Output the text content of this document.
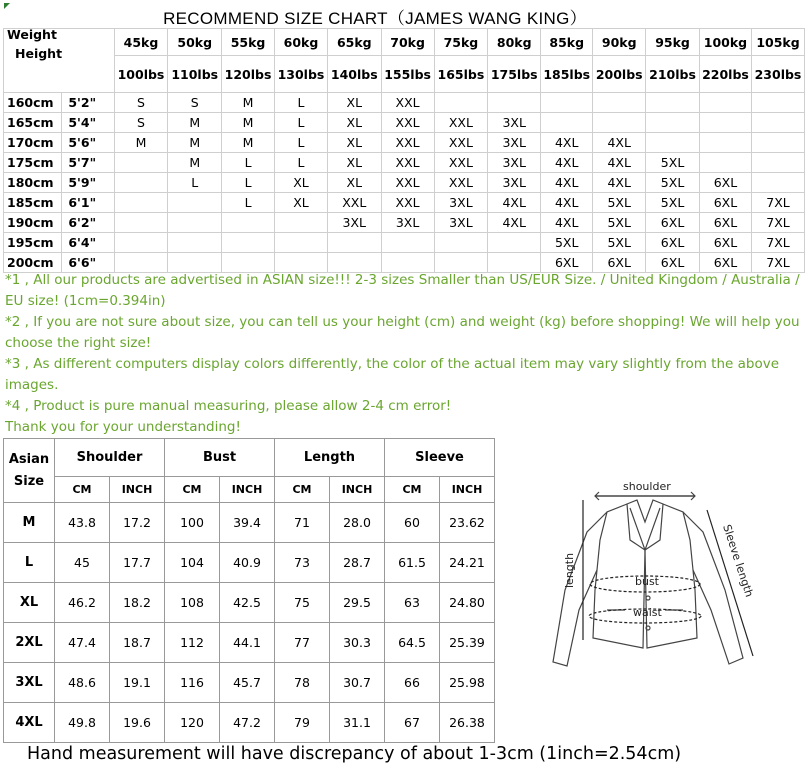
RECOMMEND SIZE CHART（JAMES WANG KING）
Weight
Height		45kg	50kg	55kg	60kg	65kg	70kg	75kg	80kg	85kg	90kg	95kg	100kg	105kg
		100lbs	110lbs	120lbs	130lbs	140lbs	155lbs	165lbs	175lbs	185lbs	200lbs	210lbs	220lbs	230lbs
160cm	5'2"	S	S	M	L	XL	XXL							
165cm	5'4"	S	M	M	L	XL	XXL	XXL	3XL					
170cm	5'6"	M	M	M	L	XL	XXL	XXL	3XL	4XL	4XL			
175cm	5'7"		M	L	L	XL	XXL	XXL	3XL	4XL	4XL	5XL		
180cm	5'9"		L	L	XL	XL	XXL	XXL	3XL	4XL	4XL	5XL	6XL	
185cm	6'1"			L	XL	XXL	XXL	3XL	4XL	4XL	5XL	5XL	6XL	7XL
190cm	6'2"					3XL	3XL	3XL	4XL	4XL	5XL	6XL	6XL	7XL
195cm	6'4"									5XL	5XL	6XL	6XL	7XL
200cm	6'6"									6XL	6XL	6XL	6XL	7XL
*1 , All our products are advertised in ASIAN size!!! 2-3 sizes Smaller than US/EUR Size. / United Kingdom / Australia / EU size! (1cm=0.394in)
*2 , If you are not sure about size, you can tell us your height (cm) and weight (kg) before shopping! We will help you choose the right size!
*3 , As different computers display colors differently, the color of the actual item may vary slightly from the above images.
*4 , Product is pure manual measuring, please allow 2-4 cm error!
Thank you for your understanding!
Asian Size	Shoulder		Bust		Length		Sleeve	
	CM	INCH	CM	INCH	CM	INCH	CM	INCH
M	43.8	17.2	100	39.4	71	28.0	60	23.62
L	45	17.7	104	40.9	73	28.7	61.5	24.21
XL	46.2	18.2	108	42.5	75	29.5	63	24.80
2XL	47.4	18.7	112	44.1	77	30.3	64.5	25.39
3XL	48.6	19.1	116	45.7	78	30.7	66	25.98
4XL	49.8	19.6	120	47.2	79	31.1	67	26.38
shoulder
bust
waist
length	Sleeve length
Hand measurement will have discrepancy of about 1-3cm (1inch=2.54cm)
